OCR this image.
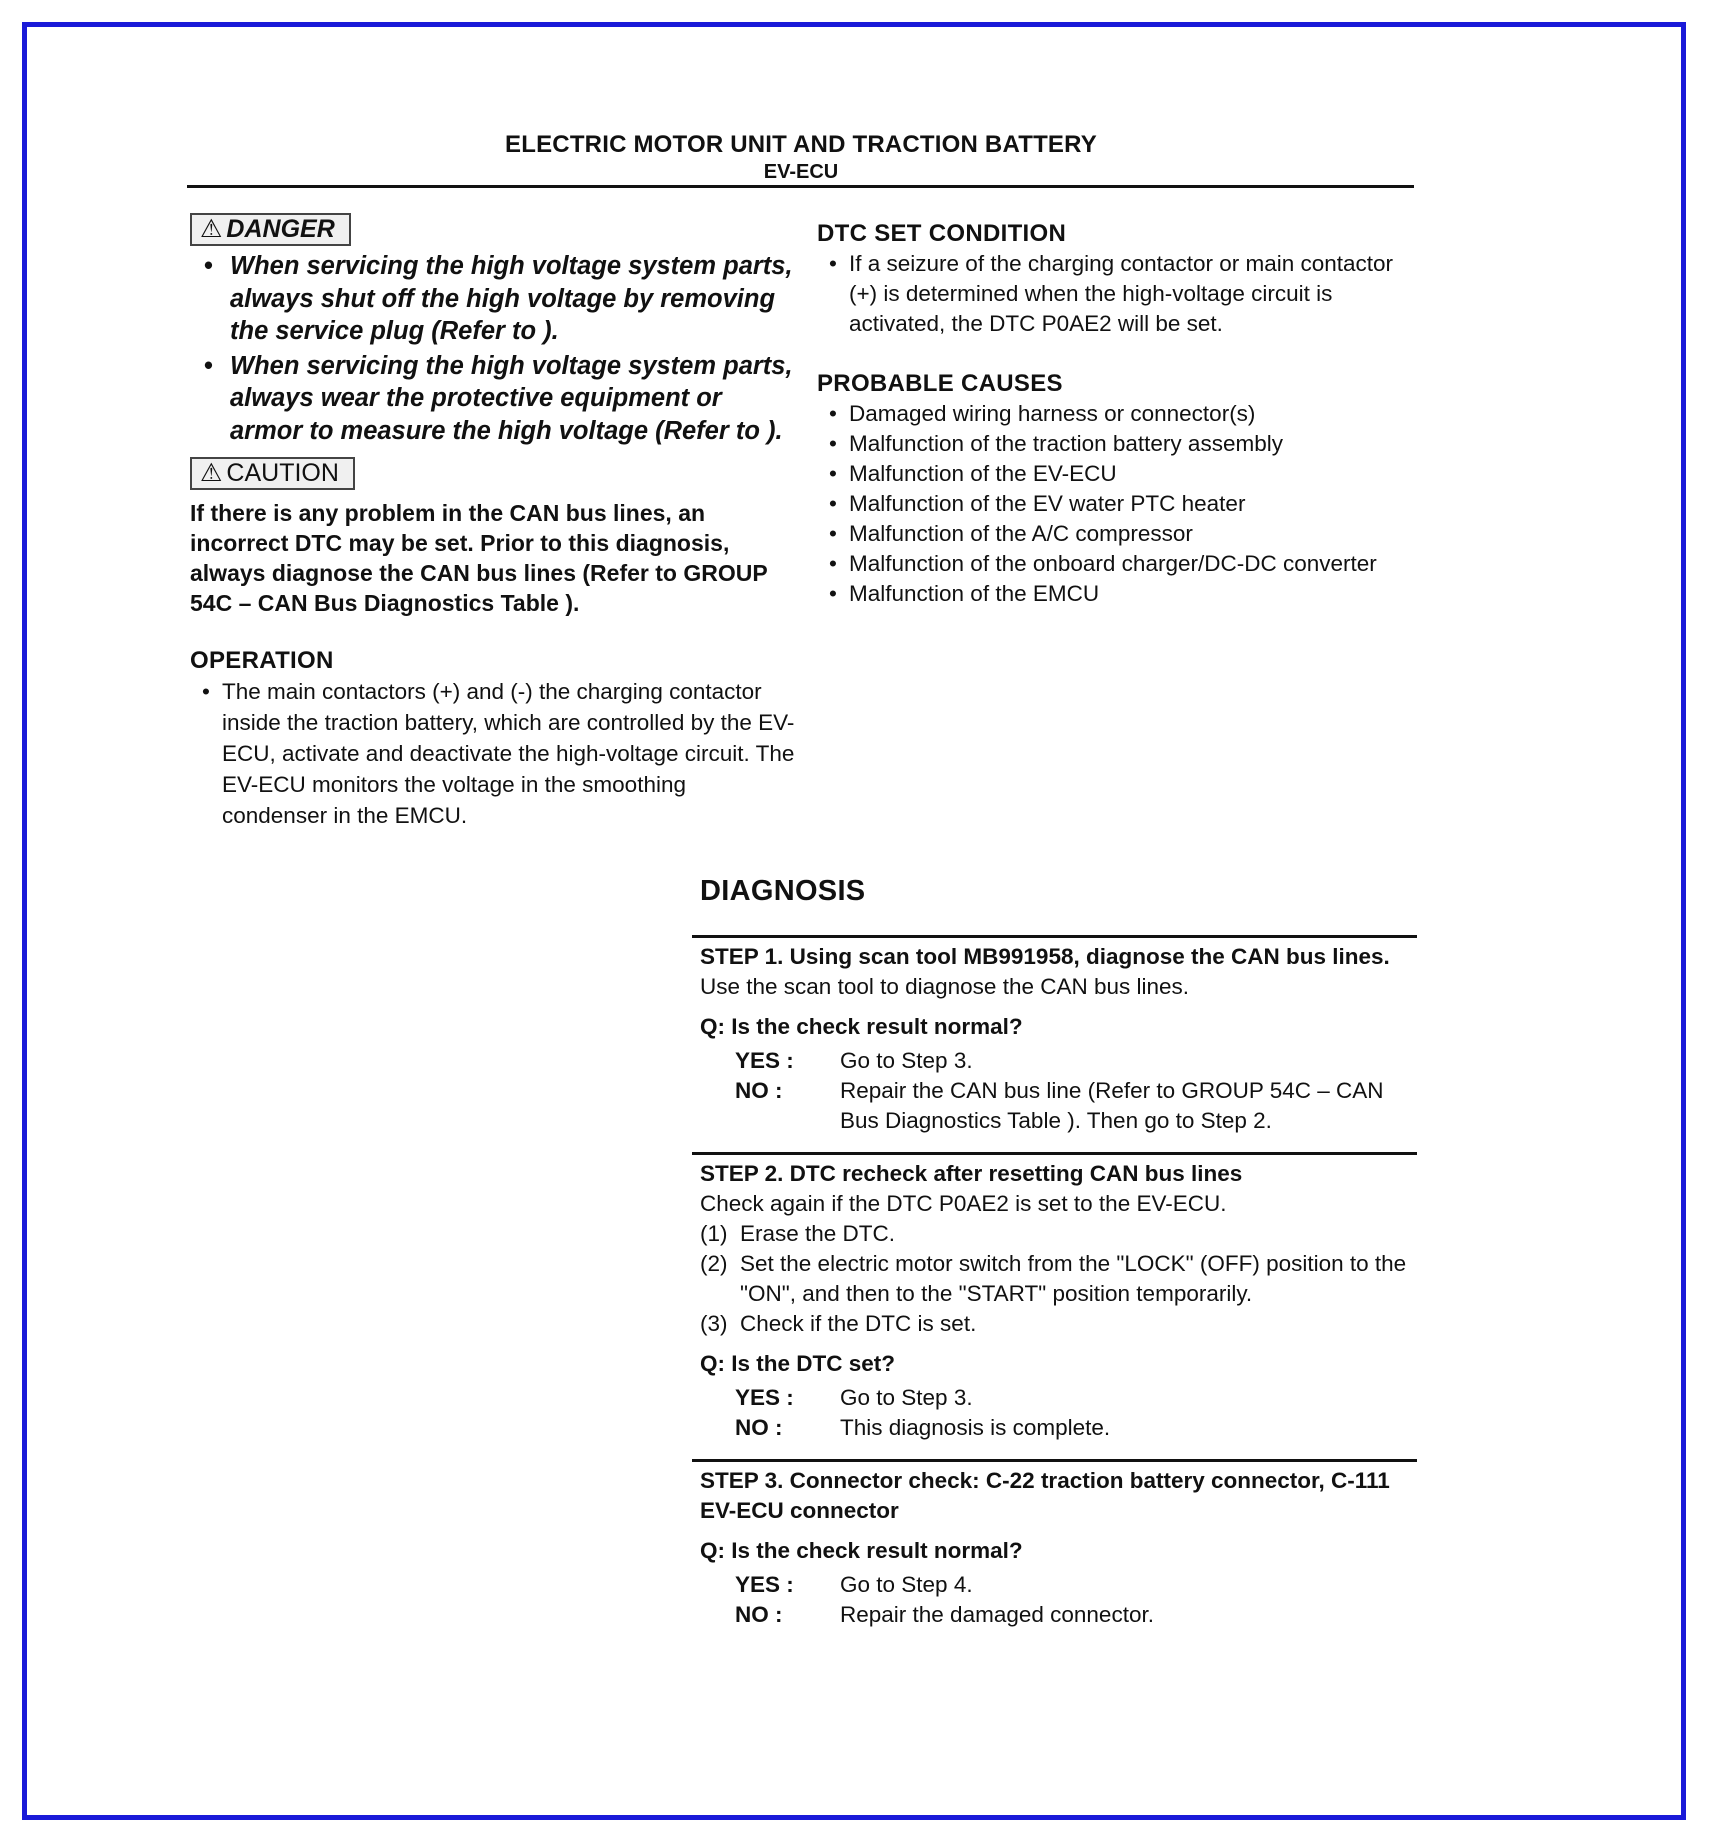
ELECTRIC MOTOR UNIT AND TRACTION BATTERY
EV-ECU
⚠ DANGER
• When servicing the high voltage system parts, always shut off the high voltage by removing the service plug (Refer to ).
• When servicing the high voltage system parts, always wear the protective equipment or armor to measure the high voltage (Refer to ).
⚠ CAUTION

If there is any problem in the CAN bus lines, an incorrect DTC may be set. Prior to this diagnosis, always diagnose the CAN bus lines (Refer to GROUP 54C – CAN Bus Diagnostics Table ).

OPERATION
• The main contactors (+) and (-) the charging contactor inside the traction battery, which are controlled by the EV-ECU, activate and deactivate the high-voltage circuit. The EV-ECU monitors the voltage in the smoothing condenser in the EMCU.
DTC SET CONDITION
• If a seizure of the charging contactor or main contactor (+) is determined when the high-voltage circuit is activated, the DTC P0AE2 will be set.
PROBABLE CAUSES
• Damaged wiring harness or connector(s)
• Malfunction of the traction battery assembly
• Malfunction of the EV-ECU
• Malfunction of the EV water PTC heater
• Malfunction of the A/C compressor
• Malfunction of the onboard charger/DC-DC converter
• Malfunction of the EMCU
DIAGNOSIS

STEP 1. Using scan tool MB991958, diagnose the CAN bus lines.

Use the scan tool to diagnose the CAN bus lines.

Q: Is the check result normal?

YES : Go to Step 3.
NO :	Repair the CAN bus line (Refer to GROUP 54C – CAN Bus Diagnostics Table ). Then go to Step 2.

STEP 2. DTC recheck after resetting CAN bus lines

Check again if the DTC P0AE2 is set to the EV-ECU.

(1) Erase the DTC.
(2) Set the electric motor switch from the "LOCK" (OFF) position to the "ON", and then to the "START" position temporarily.
(3) Check if the DTC is set.

Q: Is the DTC set?

YES : Go to Step 3.
NO :	This diagnosis is complete.

STEP 3. Connector check: C-22 traction battery connector, C-111 EV-ECU connector

Q: Is the check result normal?

YES : Go to Step 4.
NO :	Repair the damaged connector.
